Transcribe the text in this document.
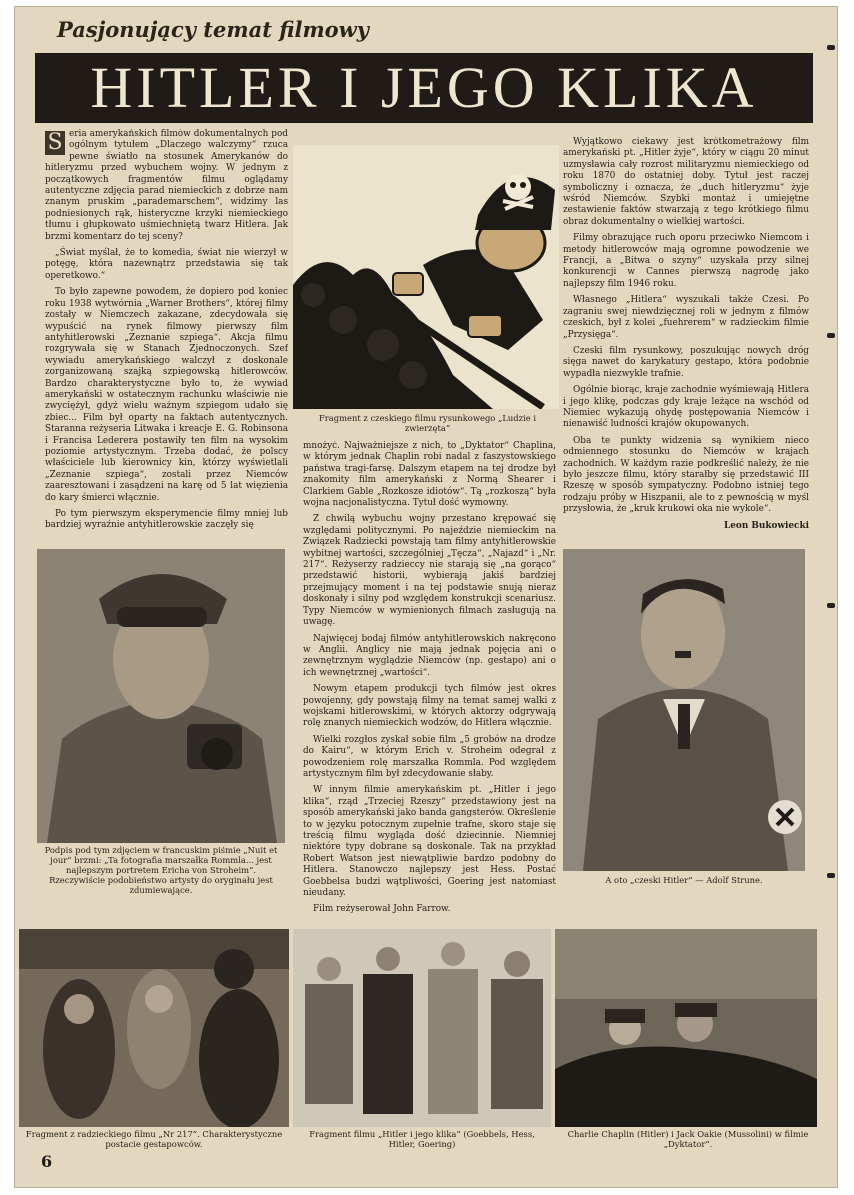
Pasjonujący temat filmowy
HITLER I JEGO KLIKA
S eria amerykańskich filmów dokumentalnych pod ogólnym tytułem „Dlaczego walczymy“ rzuca pewne światło na stosunek Amerykanów do hitleryzmu przed wybuchem wojny. W jednym z początkowych fragmentów filmu oglądamy autentyczne zdjęcia parad niemieckich z dobrze nam znanym pruskim „parademarschem“, widzimy las podniesionych rąk, histeryczne krzyki niemieckiego tłumu i głupkowato uśmiechniętą twarz Hitlera. Jak brzmi komentarz do tej sceny?

„Świat myślał, że to komedia, świat nie wierzył w potęgę, która nazewnątrz przedstawia się tak operetkowo.“

To było zapewne powodem, że dopiero pod koniec roku 1938 wytwórnia „Warner Brothers“, której filmy zostały w Niemczech zakazane, zdecydowała się wypuścić na rynek filmowy pierwszy film antyhitlerowski „Zeznanie szpiega“. Akcja filmu rozgrywała się w Stanach Zjednoczonych. Szef wywiadu amerykańskiego walczył z doskonale zorganizowaną szajką szpiegowską hitlerowców. Bardzo charakterystyczne było to, że wywiad amerykański w ostatecznym rachunku właściwie nie zwyciężył, gdyż wielu ważnym szpiegom udało się zbiec... Film był oparty na faktach autentycznych. Staranna reżyseria Litwaka i kreacje E. G. Robinsona i Francisa Lederera postawiły ten film na wysokim poziomie artystycznym. Trzeba dodać, że polscy właściciele lub kierownicy kin, którzy wyświetlali „Zeznanie szpiega“, zostali przez Niemców zaaresztowani i zasądzeni na karę od 5 lat więzienia do kary śmierci włącznie.

Po tym pierwszym eksperymencie filmy mniej lub bardziej wyraźnie antyhitlerowskie zaczęły się

Fragment z czeskiego filmu rysunkowego „Ludzie i zwierzęta“

mnożyć. Najważniejsze z nich, to „Dyktator“ Chaplina, w którym jednak Chaplin robi nadal z faszystowskiego państwa tragi-farsę. Dalszym etapem na tej drodze był znakomity film amerykański z Normą Shearer i Clarkiem Gable „Rozkosze idiotów“. Tą „rozkoszą“ była wojna nacjonalistyczna. Tytuł dość wymowny.

Z chwilą wybuchu wojny przestano krępować się względami politycznymi. Po najeździe niemieckim na Związek Radziecki powstają tam filmy antyhitlerowskie wybitnej wartości, szczególniej „Tęcza“, „Najazd“ i „Nr. 217“. Reżyserzy radzieccy nie starają się „na gorąco“ przedstawić historii, wybierają jakiś bardziej przejmujący moment i na tej podstawie snują nieraz doskonały i silny pod względem konstrukcji scenariusz. Typy Niemców w wymienionych filmach zasługują na uwagę.

Najwięcej bodaj filmów antyhitlerowskich nakręcono w Anglii. Anglicy nie mają jednak pojęcia ani o zewnętrznym wyglądzie Niemców (np. gestapo) ani o ich wewnętrznej „wartości“.

Nowym etapem produkcji tych filmów jest okres powojenny, gdy powstają filmy na temat samej walki z wojskami hitlerowskimi, w których aktorzy odgrywają rolę znanych niemieckich wodzów, do Hitlera włącznie.

Wielki rozgłos zyskał sobie film „5 grobów na drodze do Kairu“, w którym Erich v. Stroheim odegrał z powodzeniem rolę marszałka Rommla. Pod względem artystycznym film był zdecydowanie słaby.

W innym filmie amerykańskim pt. „Hitler i jego klika“, rząd „Trzeciej Rzeszy“ przedstawiony jest na sposób amerykański jako banda gangsterów. Określenie to w języku potocznym zupełnie trafne, skoro staje się treścią filmu wygląda dość dziecinnie. Niemniej niektóre typy dobrane są doskonale. Tak na przykład Robert Watson jest niewątpliwie bardzo podobny do Hitlera. Stanowczo najlepszy jest Hess. Postać Goebbelsa budzi wątpliwości, Goering jest natomiast nieudany.

Film reżyserował John Farrow.

Wyjątkowo ciekawy jest krótkometrażowy film amerykański pt. „Hitler żyje“, który w ciągu 20 minut uzmysławia cały rozrost militaryzmu niemieckiego od roku 1870 do ostatniej doby. Tytuł jest raczej symboliczny i oznacza, że „duch hitleryzmu“ żyje wśród Niemców. Szybki montaż i umiejętne zestawienie faktów stwarzają z tego krótkiego filmu obraz dokumentalny o wielkiej wartości.

Filmy obrazujące ruch oporu przeciwko Niemcom i metody hitlerowców mają ogromne powodzenie we Francji, a „Bitwa o szyny“ uzyskała przy silnej konkurencji w Cannes pierwszą nagrodę jako najlepszy film 1946 roku.

Własnego „Hitlera“ wyszukali także Czesi. Po zagraniu swej niewdzięcznej roli w jednym z filmów czeskich, był z kolei „fuehrerem“ w radzieckim filmie „Przysięga“.

Czeski film rysunkowy, poszukując nowych dróg sięga nawet do karykatury gestapo, która podobnie wypadła niezwykle trafnie.

Ogólnie biorąc, kraje zachodnie wyśmiewają Hitlera i jego klikę, podczas gdy kraje leżące na wschód od Niemiec wykazują ohydę postępowania Niemców i nienawiść ludności krajów okupowanych.

Oba te punkty widzenia są wynikiem nieco odmiennego stosunku do Niemców w krajach zachodnich. W każdym razie podkreślić należy, że nie było jeszcze filmu, który starałby się przedstawić III Rzeszę w sposób sympatyczny. Podobno istniej tego rodzaju próby w Hiszpanii, ale to z pewnością w myśl przysłowia, że „kruk krukowi oka nie wykole“.

Leon Bukowiecki
Podpis pod tym zdjęciem w francuskim piśmie „Nuit et jour“ brzmi: „Ta fotografia marszałka Rommla... jest najlepszym portretem Ericha von Stroheim“. Rzeczywiście podobieństwo artysty do oryginału jest zdumiewające.
A oto „czeski Hitler“ — Adolf Strune.
Fragment z radzieckiego filmu „Nr 217“. Charakterystyczne postacie gestapowców.
Fragment filmu „Hitler i jego klika“ (Goebbels, Hess, Hitler, Goering)
Charlie Chaplin (Hitler) i Jack Oakie (Mussolini) w filmie „Dyktator“.
6
